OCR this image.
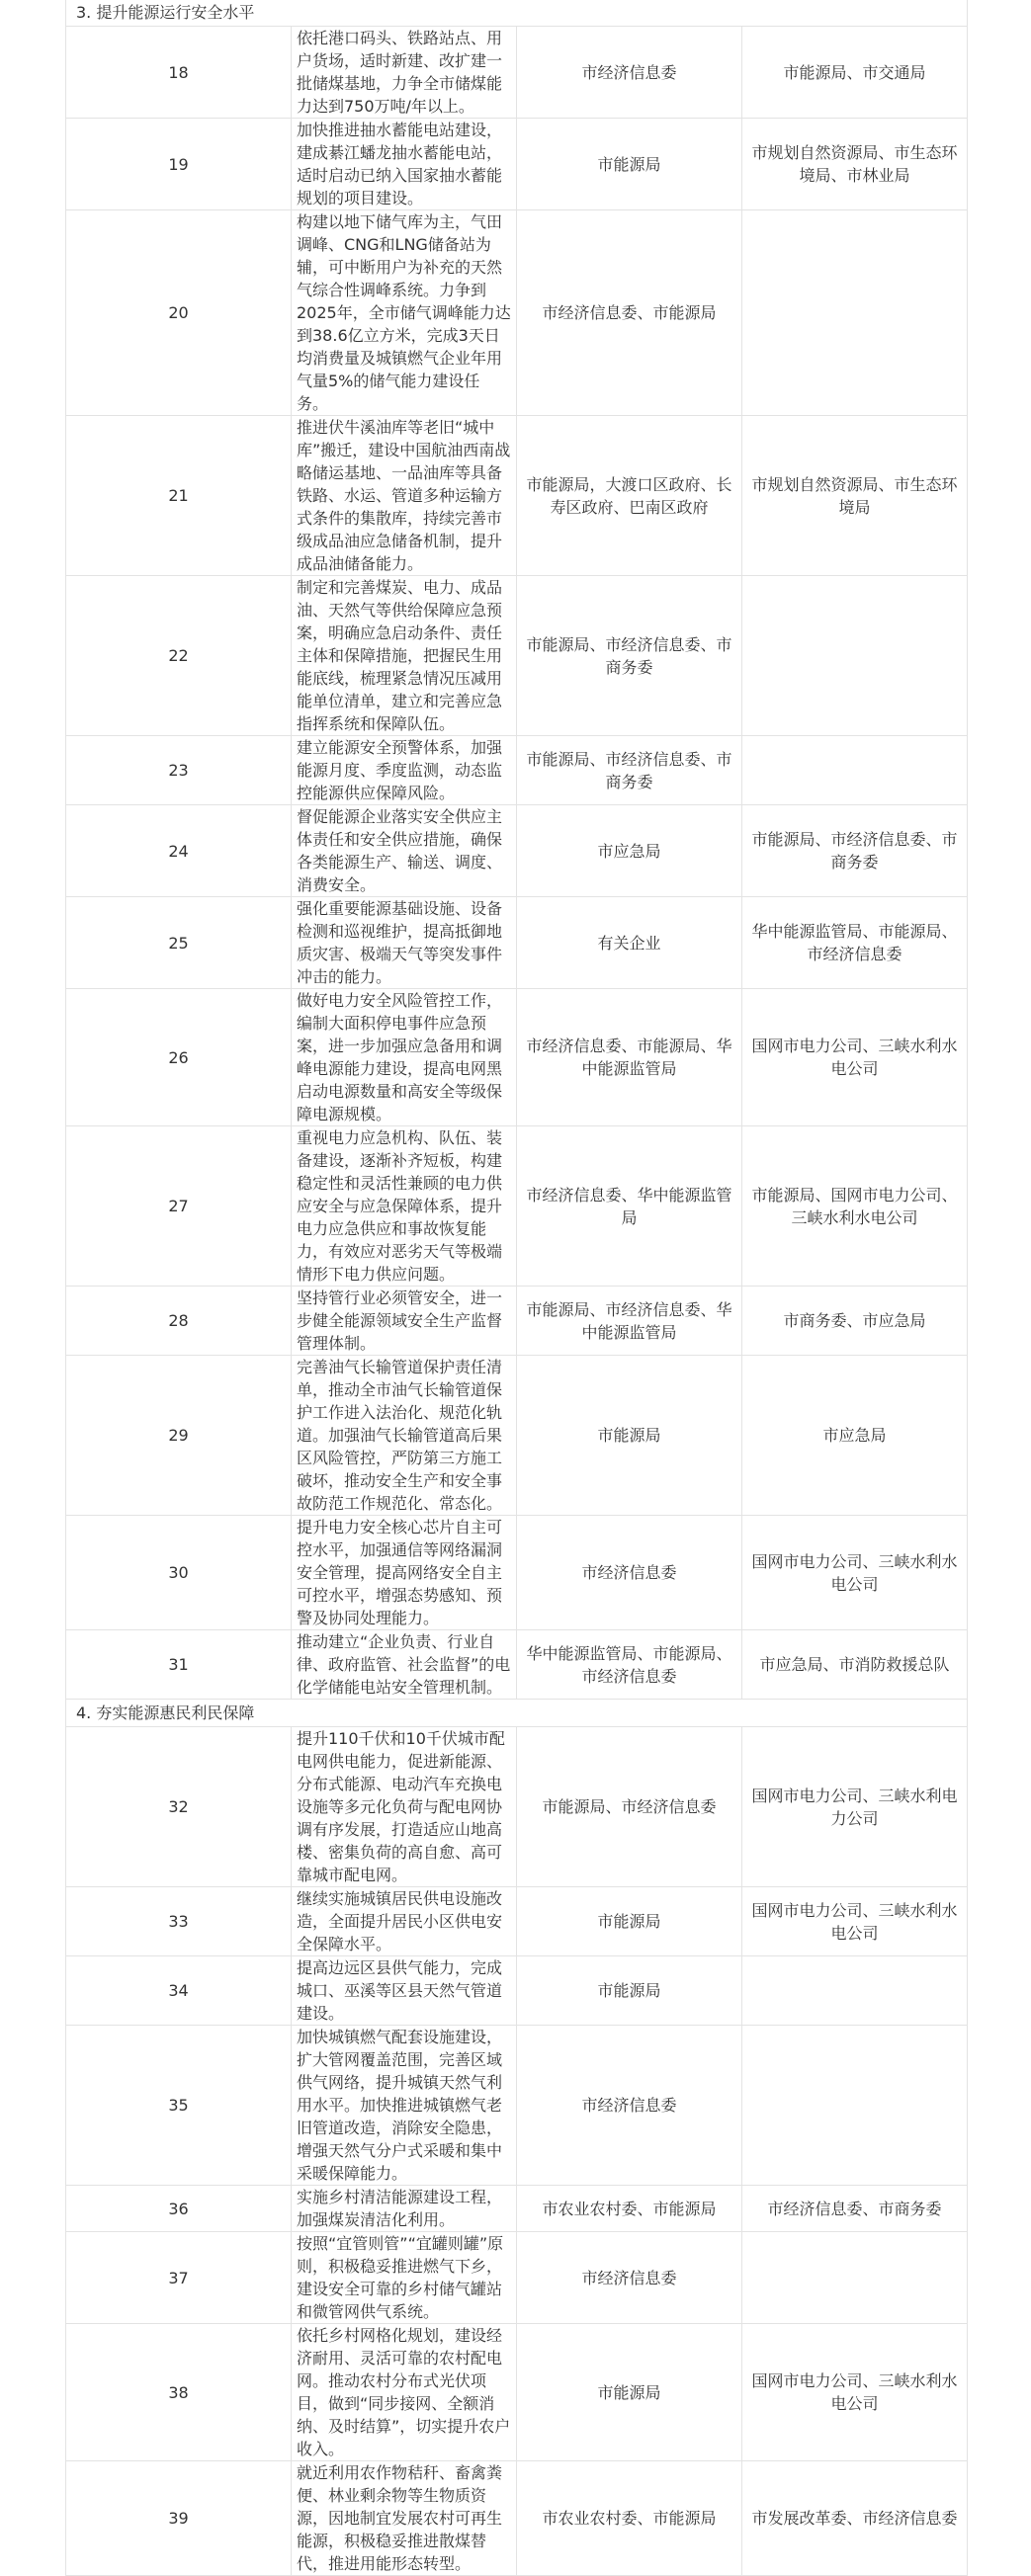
3. 提升能源运行安全水平			
18	依托港口码头、铁路站点、用户货场，适时新建、改扩建一批储煤基地，力争全市储煤能力达到750万吨/年以上。	市经济信息委	市能源局、市交通局
19	加快推进抽水蓄能电站建设，建成綦江蟠龙抽水蓄能电站，适时启动已纳入国家抽水蓄能规划的项目建设。	市能源局	市规划自然资源局、市生态环境局、市林业局
20	构建以地下储气库为主，气田调峰、CNG和LNG储备站为辅，可中断用户为补充的天然气综合性调峰系统。力争到2025年，全市储气调峰能力达到38.6亿立方米，完成3天日均消费量及城镇燃气企业年用气量5%的储气能力建设任务。	市经济信息委、市能源局	
21	推进伏牛溪油库等老旧“城中库”搬迁，建设中国航油西南战略储运基地、一品油库等具备铁路、水运、管道多种运输方式条件的集散库，持续完善市级成品油应急储备机制，提升成品油储备能力。	市能源局，大渡口区政府、长寿区政府、巴南区政府	市规划自然资源局、市生态环境局
22	制定和完善煤炭、电力、成品油、天然气等供给保障应急预案，明确应急启动条件、责任主体和保障措施，把握民生用能底线，梳理紧急情况压减用能单位清单，建立和完善应急指挥系统和保障队伍。	市能源局、市经济信息委、市商务委	
23	建立能源安全预警体系，加强能源月度、季度监测，动态监控能源供应保障风险。	市能源局、市经济信息委、市商务委	
24	督促能源企业落实安全供应主体责任和安全供应措施，确保各类能源生产、输送、调度、消费安全。	市应急局	市能源局、市经济信息委、市商务委
25	强化重要能源基础设施、设备检测和巡视维护，提高抵御地质灾害、极端天气等突发事件冲击的能力。	有关企业	华中能源监管局、市能源局、市经济信息委
26	做好电力安全风险管控工作，编制大面积停电事件应急预案，进一步加强应急备用和调峰电源能力建设，提高电网黑启动电源数量和高安全等级保障电源规模。	市经济信息委、市能源局、华中能源监管局	国网市电力公司、三峡水利水电公司
27	重视电力应急机构、队伍、装备建设，逐渐补齐短板，构建稳定性和灵活性兼顾的电力供应安全与应急保障体系，提升电力应急供应和事故恢复能力，有效应对恶劣天气等极端情形下电力供应问题。	市经济信息委、华中能源监管局	市能源局、国网市电力公司、三峡水利水电公司
28	坚持管行业必须管安全，进一步健全能源领域安全生产监督管理体制。	市能源局、市经济信息委、华中能源监管局	市商务委、市应急局
29	完善油气长输管道保护责任清单，推动全市油气长输管道保护工作进入法治化、规范化轨道。加强油气长输管道高后果区风险管控，严防第三方施工破坏，推动安全生产和安全事故防范工作规范化、常态化。	市能源局	市应急局
30	提升电力安全核心芯片自主可控水平，加强通信等网络漏洞安全管理，提高网络安全自主可控水平，增强态势感知、预警及协同处理能力。	市经济信息委	国网市电力公司、三峡水利水电公司
31	推动建立“企业负责、行业自律、政府监管、社会监督”的电化学储能电站安全管理机制。	华中能源监管局、市能源局、市经济信息委	市应急局、市消防救援总队
4. 夯实能源惠民利民保障			
32	提升110千伏和10千伏城市配电网供电能力，促进新能源、分布式能源、电动汽车充换电设施等多元化负荷与配电网协调有序发展，打造适应山地高楼、密集负荷的高自愈、高可靠城市配电网。	市能源局、市经济信息委	国网市电力公司、三峡水利电力公司
33	继续实施城镇居民供电设施改造，全面提升居民小区供电安全保障水平。	市能源局	国网市电力公司、三峡水利水电公司
34	提高边远区县供气能力，完成城口、巫溪等区县天然气管道建设。	市能源局	
35	加快城镇燃气配套设施建设，扩大管网覆盖范围，完善区域供气网络，提升城镇天然气利用水平。加快推进城镇燃气老旧管道改造，消除安全隐患，增强天然气分户式采暖和集中采暖保障能力。	市经济信息委	
36	实施乡村清洁能源建设工程，加强煤炭清洁化利用。	市农业农村委、市能源局	市经济信息委、市商务委
37	按照“宜管则管”“宜罐则罐”原则，积极稳妥推进燃气下乡，建设安全可靠的乡村储气罐站和微管网供气系统。	市经济信息委	
38	依托乡村网格化规划，建设经济耐用、灵活可靠的农村配电网。推动农村分布式光伏项目，做到“同步接网、全额消纳、及时结算”，切实提升农户收入。	市能源局	国网市电力公司、三峡水利水电公司
39	就近利用农作物秸秆、畜禽粪便、林业剩余物等生物质资源，因地制宜发展农村可再生能源，积极稳妥推进散煤替代，推进用能形态转型。	市农业农村委、市能源局	市发展改革委、市经济信息委
